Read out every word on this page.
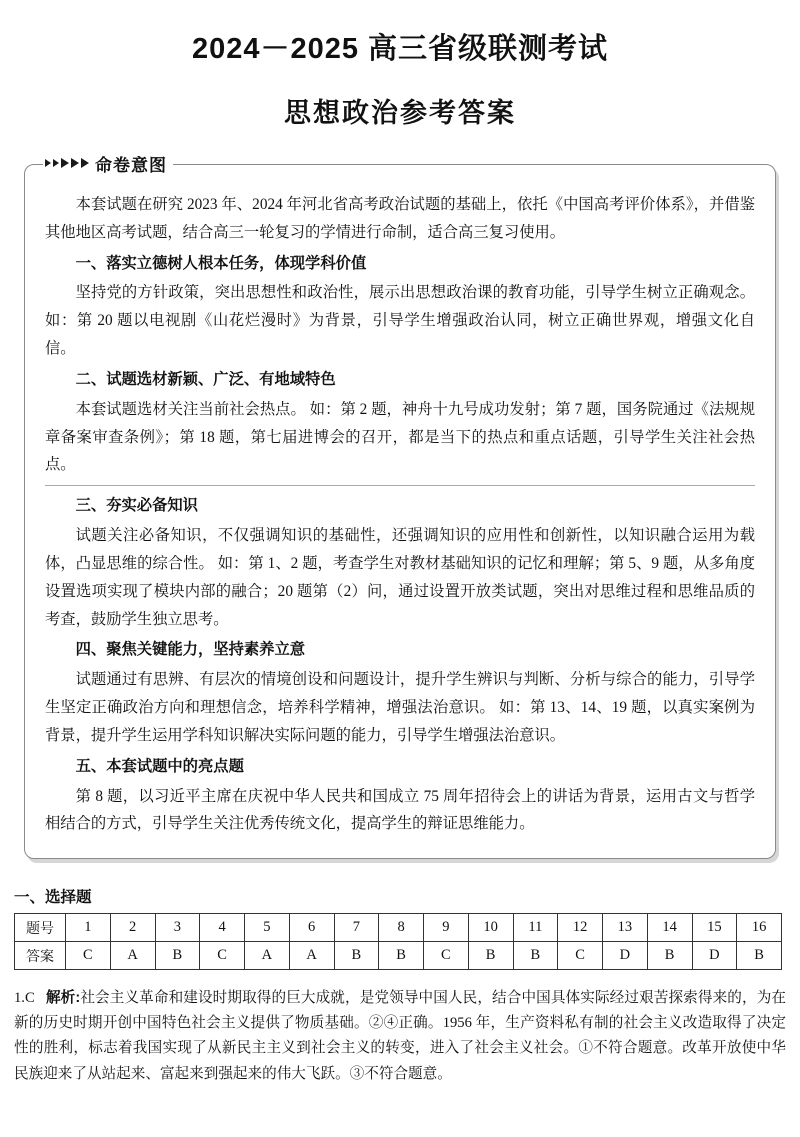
2024－2025 高三省级联测考试
思想政治参考答案
命卷意图

本套试题在研究 2023 年、2024 年河北省高考政治试题的基础上，依托《中国高考评价体系》，并借鉴其他地区高考试题，结合高三一轮复习的学情进行命制，适合高三复习使用。

一、落实立德树人根本任务，体现学科价值

坚持党的方针政策，突出思想性和政治性，展示出思想政治课的教育功能，引导学生树立正确观念。 如：第 20 题以电视剧《山花烂漫时》为背景，引导学生增强政治认同，树立正确世界观，增强文化自信。

二、试题选材新颖、广泛、有地域特色

本套试题选材关注当前社会热点。 如：第 2 题，神舟十九号成功发射；第 7 题，国务院通过《法规规章备案审查条例》；第 18 题，第七届进博会的召开，都是当下的热点和重点话题，引导学生关注社会热点。

三、夯实必备知识

试题关注必备知识，不仅强调知识的基础性，还强调知识的应用性和创新性，以知识融合运用为载体，凸显思维的综合性。 如：第 1、2 题，考查学生对教材基础知识的记忆和理解；第 5、9 题，从多角度设置选项实现了模块内部的融合；20 题第（2）问，通过设置开放类试题，突出对思维过程和思维品质的考查，鼓励学生独立思考。

四、聚焦关键能力，坚持素养立意

试题通过有思辨、有层次的情境创设和问题设计，提升学生辨识与判断、分析与综合的能力，引导学生坚定正确政治方向和理想信念，培养科学精神，增强法治意识。 如：第 13、14、19 题，以真实案例为背景，提升学生运用学科知识解决实际问题的能力，引导学生增强法治意识。

五、本套试题中的亮点题

第 8 题，以习近平主席在庆祝中华人民共和国成立 75 周年招待会上的讲话为背景，运用古文与哲学相结合的方式，引导学生关注优秀传统文化，提高学生的辩证思维能力。

一、选择题
题号	1	2	3	4	5	6	7	8	9	10	11	12	13	14	15	16
答案	C	A	B	C	A	A	B	B	C	B	B	C	D	B	D	B
1.C 解析:社会主义革命和建设时期取得的巨大成就，是党领导中国人民，结合中国具体实际经过艰苦探索得来的，为在新的历史时期开创中国特色社会主义提供了物质基础。②④正确。1956 年，生产资料私有制的社会主义改造取得了决定性的胜利，标志着我国实现了从新民主主义到社会主义的转变，进入了社会主义社会。①不符合题意。改革开放使中华民族迎来了从站起来、富起来到强起来的伟大飞跃。③不符合题意。
